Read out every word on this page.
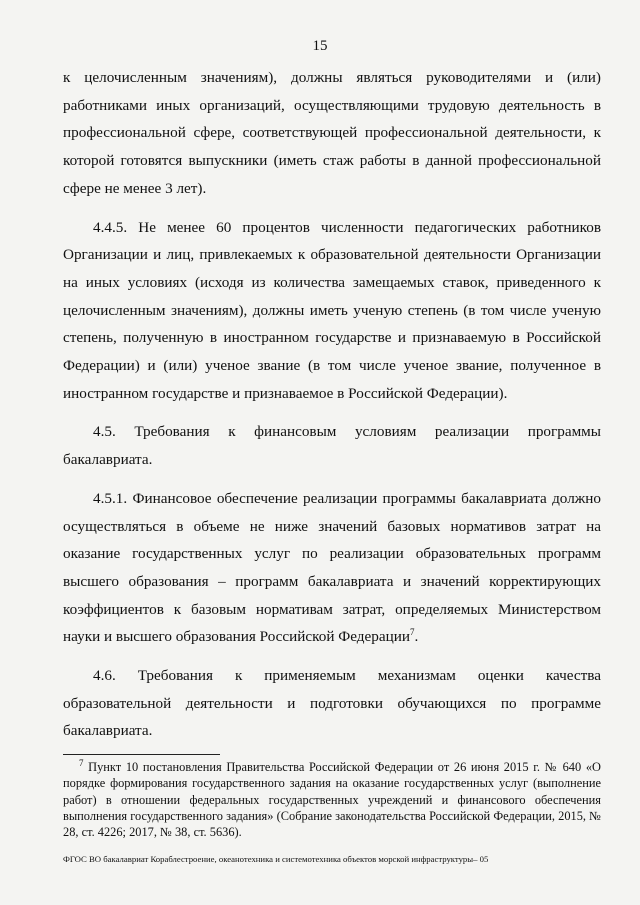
15

к целочисленным значениям), должны являться руководителями и (или) работниками иных организаций, осуществляющими трудовую деятельность в профессиональной сфере, соответствующей профессиональной деятельности, к которой готовятся выпускники (иметь стаж работы в данной профессиональной сфере не менее 3 лет).

4.4.5. Не менее 60 процентов численности педагогических работников Организации и лиц, привлекаемых к образовательной деятельности Организации на иных условиях (исходя из количества замещаемых ставок, приведенного к целочисленным значениям), должны иметь ученую степень (в том числе ученую степень, полученную в иностранном государстве и признаваемую в Российской Федерации) и (или) ученое звание (в том числе ученое звание, полученное в иностранном государстве и признаваемое в Российской Федерации).

4.5. Требования к финансовым условиям реализации программы бакалавриата.

4.5.1. Финансовое обеспечение реализации программы бакалавриата должно осуществляться в объеме не ниже значений базовых нормативов затрат на оказание государственных услуг по реализации образовательных программ высшего образования – программ бакалавриата и значений корректирующих коэффициентов к базовым нормативам затрат, определяемых Министерством науки и высшего образования Российской Федерации$^7$.

4.6. Требования к применяемым механизмам оценки качества образовательной деятельности и подготовки обучающихся по программе бакалавриата.

$^7$ Пункт 10 постановления Правительства Российской Федерации от 26 июня 2015 г. № 640 «О порядке формирования государственного задания на оказание государственных услуг (выполнение работ) в отношении федеральных государственных учреждений и финансового обеспечения выполнения государственного задания» (Собрание законодательства Российской Федерации, 2015, № 28, ст. 4226; 2017, № 38, ст. 5636).

ФГОС ВО бакалавриат Кораблестроение, океанотехника и системотехника объектов морской инфраструктуры– 05
